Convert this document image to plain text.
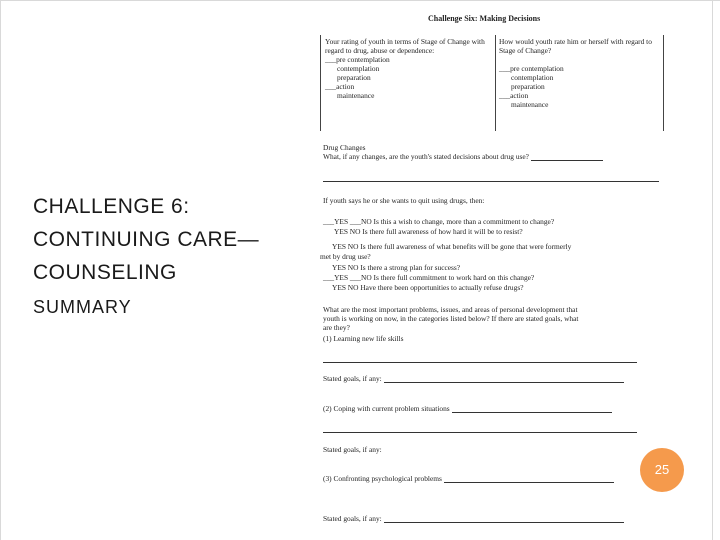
CHALLENGE 6:
CONTINUING CARE—
COUNSELING
SUMMARY
25
Challenge Six: Making Decisions
Your rating of youth in terms of Stage of Change with regard to drug, abuse or dependence:
___pre contemplation
contemplation
preparation
___action
maintenance
How would youth rate him or herself with regard to Stage of Change?
___pre contemplation
contemplation
preparation
___action
maintenance
Drug Changes
What, if any changes, are the youth's stated decisions about drug use?
If youth says he or she wants to quit using drugs, then:
___YES ___NO Is this a wish to change, more than a commitment to change?
YES NO Is there full awareness of how hard it will be to resist?
YES NO Is there full awareness of what benefits will be gone that were formerly
met by drug use?
YES NO Is there a strong plan for success?
___YES ___NO Is there full commitment to work hard on this change?
YES NO Have there been opportunities to actually refuse drugs?
What are the most important problems, issues, and areas of personal development that
youth is working on now, in the categories listed below? If there are stated goals, what
are they?
(1) Learning new life skills
Stated goals, if any:
(2) Coping with current problem situations
Stated goals, if any:
(3) Confronting psychological problems
Stated goals, if any:
